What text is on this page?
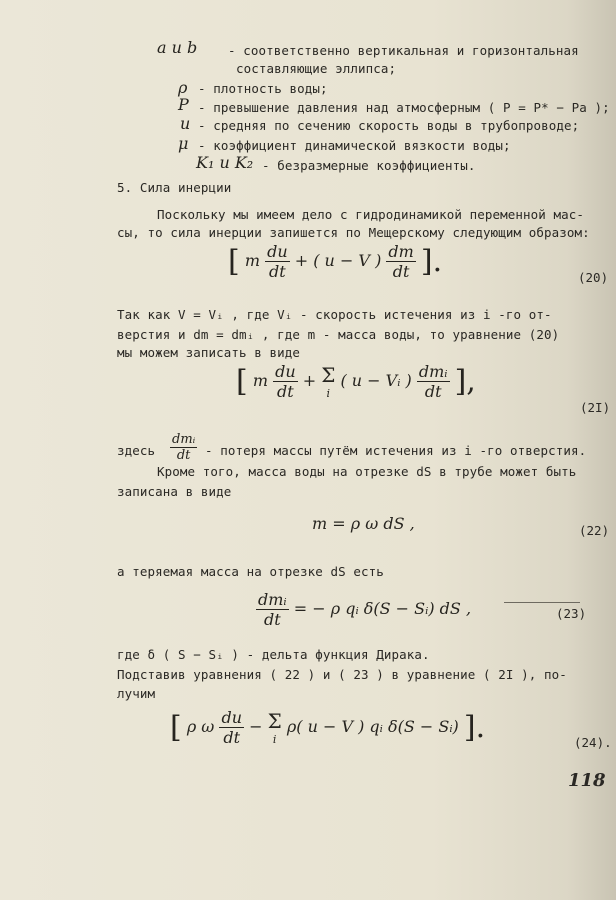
a и b - соответственно вертикальная и горизонтальная
составляющие эллипса;
ρ - плотность воды;
P - превышение давления над атмосферным ( P = P* − Pa );
u - средняя по сечению скорость воды в трубопроводе;
μ - коэффициент динамической вязкости воды;
K₁ и K₂ - безразмерные коэффициенты.
5. Сила инерции
Поскольку мы имеем дело с гидродинамикой переменной мас-
сы, то сила инерции запишется по Мещерскому следующим образом:
[ m $\frac{du}{dt}$ + ( u − V ) $\frac{dm}{dt}$ ].	(20)
Так как V = Vᵢ , где Vᵢ - скорость истечения из i -го от-
верстия и dm = dmᵢ , где m - масса воды, то уравнение (20)
мы можем записать в виде
[ m $\frac{du}{dt} + \Sigma$
i
( u − Vᵢ ) $\frac{\text{dmᵢ}}{dt}$ ],
(2I)
здесь
dmᵢ
dt	- потеря массы путём истечения из i -го отверстия.
Кроме того, масса воды на отрезке dS в трубе может быть
записана в виде
m = ρ ω dS ,	(22)
а теряемая масса на отрезке dS есть
$\frac{\text{dmᵢ}}{dt}$ = − ρ qᵢ δ(S − Sᵢ) dS ,	(23)
где δ ( S − Sᵢ ) - дельта функция Дирака.
Подставив уравнения ( 22 ) и ( 23 ) в уравнение ( 2I ), по-
лучим
[ ρ ω $\frac{du}{dt} - \Sigma$
i
ρ( u − V ) qᵢ δ(S − Sᵢ) ].	(24).
118
